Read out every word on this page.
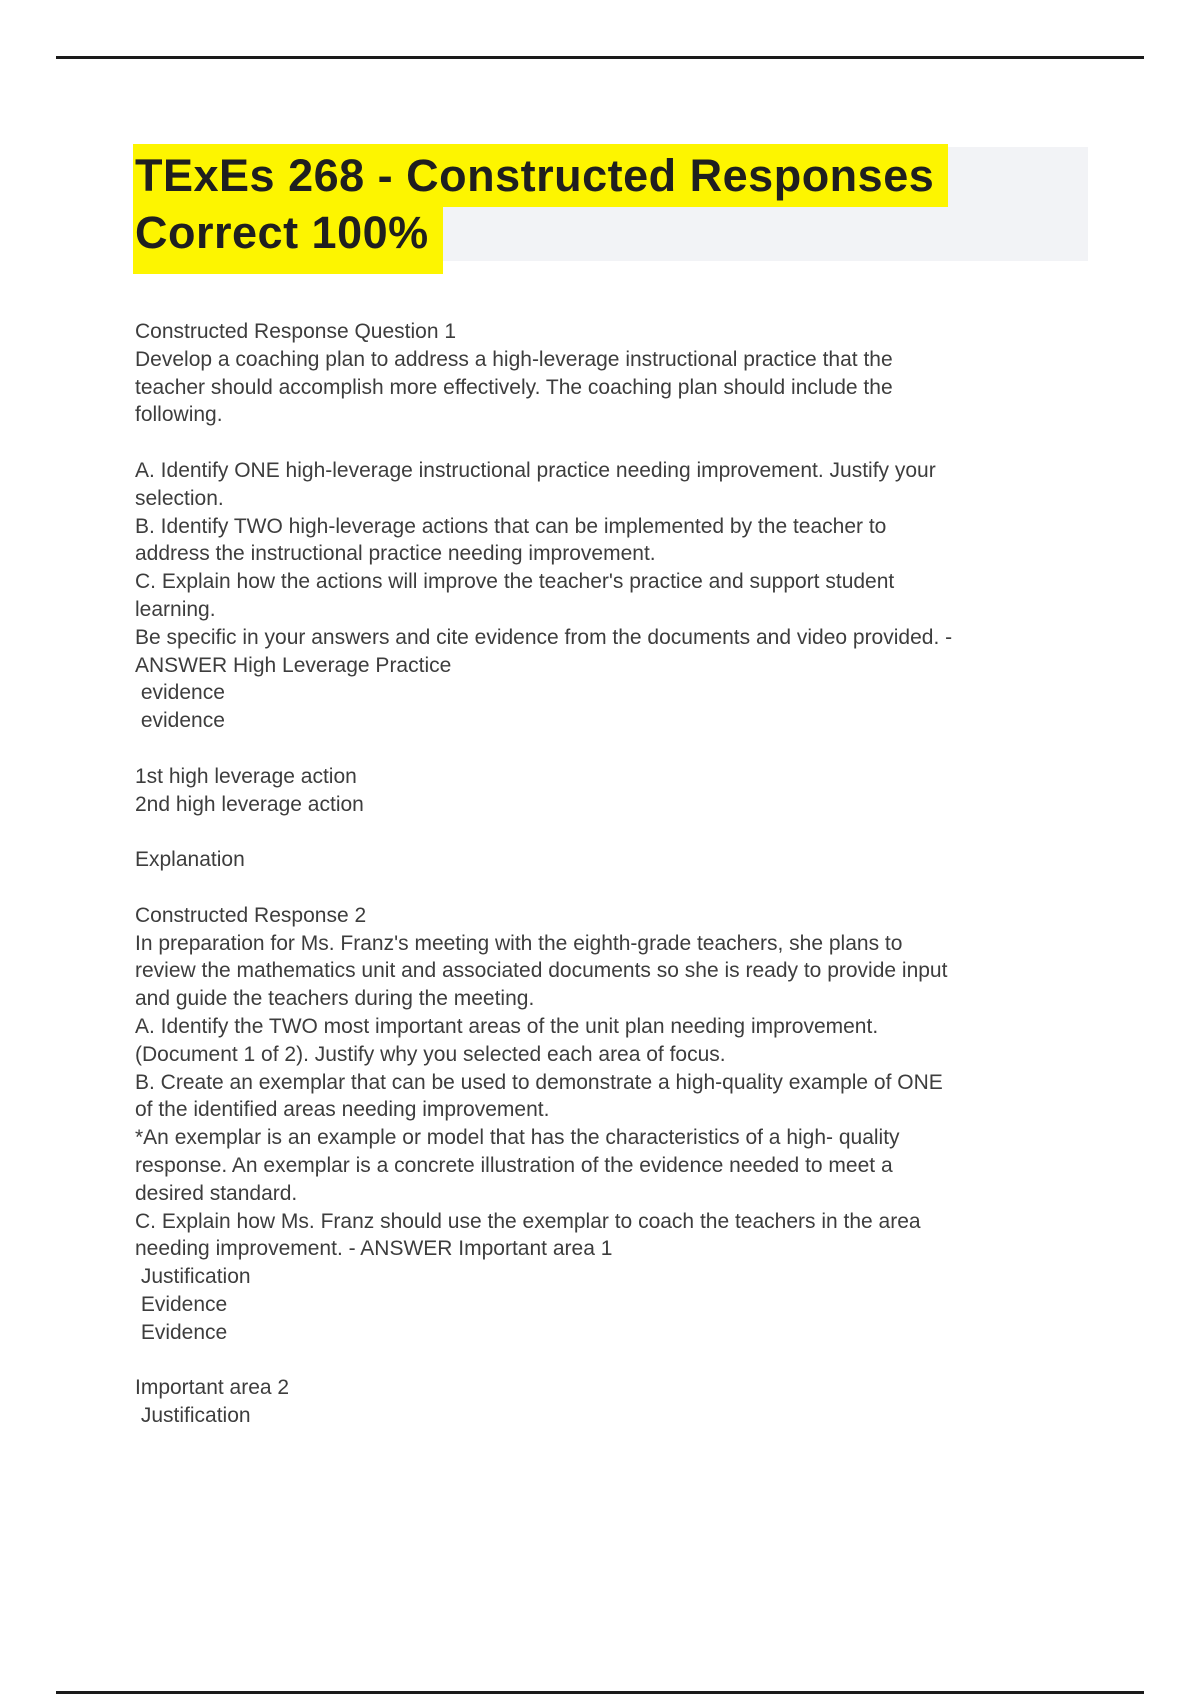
TExEs 268 - Constructed Responses
Correct 100%
Constructed Response Question 1
Develop a coaching plan to address a high-leverage instructional practice that the
teacher should accomplish more effectively. The coaching plan should include the
following.

A. Identify ONE high-leverage instructional practice needing improvement. Justify your
selection.
B. Identify TWO high-leverage actions that can be implemented by the teacher to
address the instructional practice needing improvement.
C. Explain how the actions will improve the teacher's practice and support student
learning.
Be specific in your answers and cite evidence from the documents and video provided. -
ANSWER High Leverage Practice
evidence
evidence

1st high leverage action
2nd high leverage action

Explanation

Constructed Response 2
In preparation for Ms. Franz's meeting with the eighth-grade teachers, she plans to
review the mathematics unit and associated documents so she is ready to provide input
and guide the teachers during the meeting.
A. Identify the TWO most important areas of the unit plan needing improvement.
(Document 1 of 2). Justify why you selected each area of focus.
B. Create an exemplar that can be used to demonstrate a high-quality example of ONE
of the identified areas needing improvement.
*An exemplar is an example or model that has the characteristics of a high- quality
response. An exemplar is a concrete illustration of the evidence needed to meet a
desired standard.
C. Explain how Ms. Franz should use the exemplar to coach the teachers in the area
needing improvement. - ANSWER Important area 1
Justification
Evidence
Evidence

Important area 2
Justification
